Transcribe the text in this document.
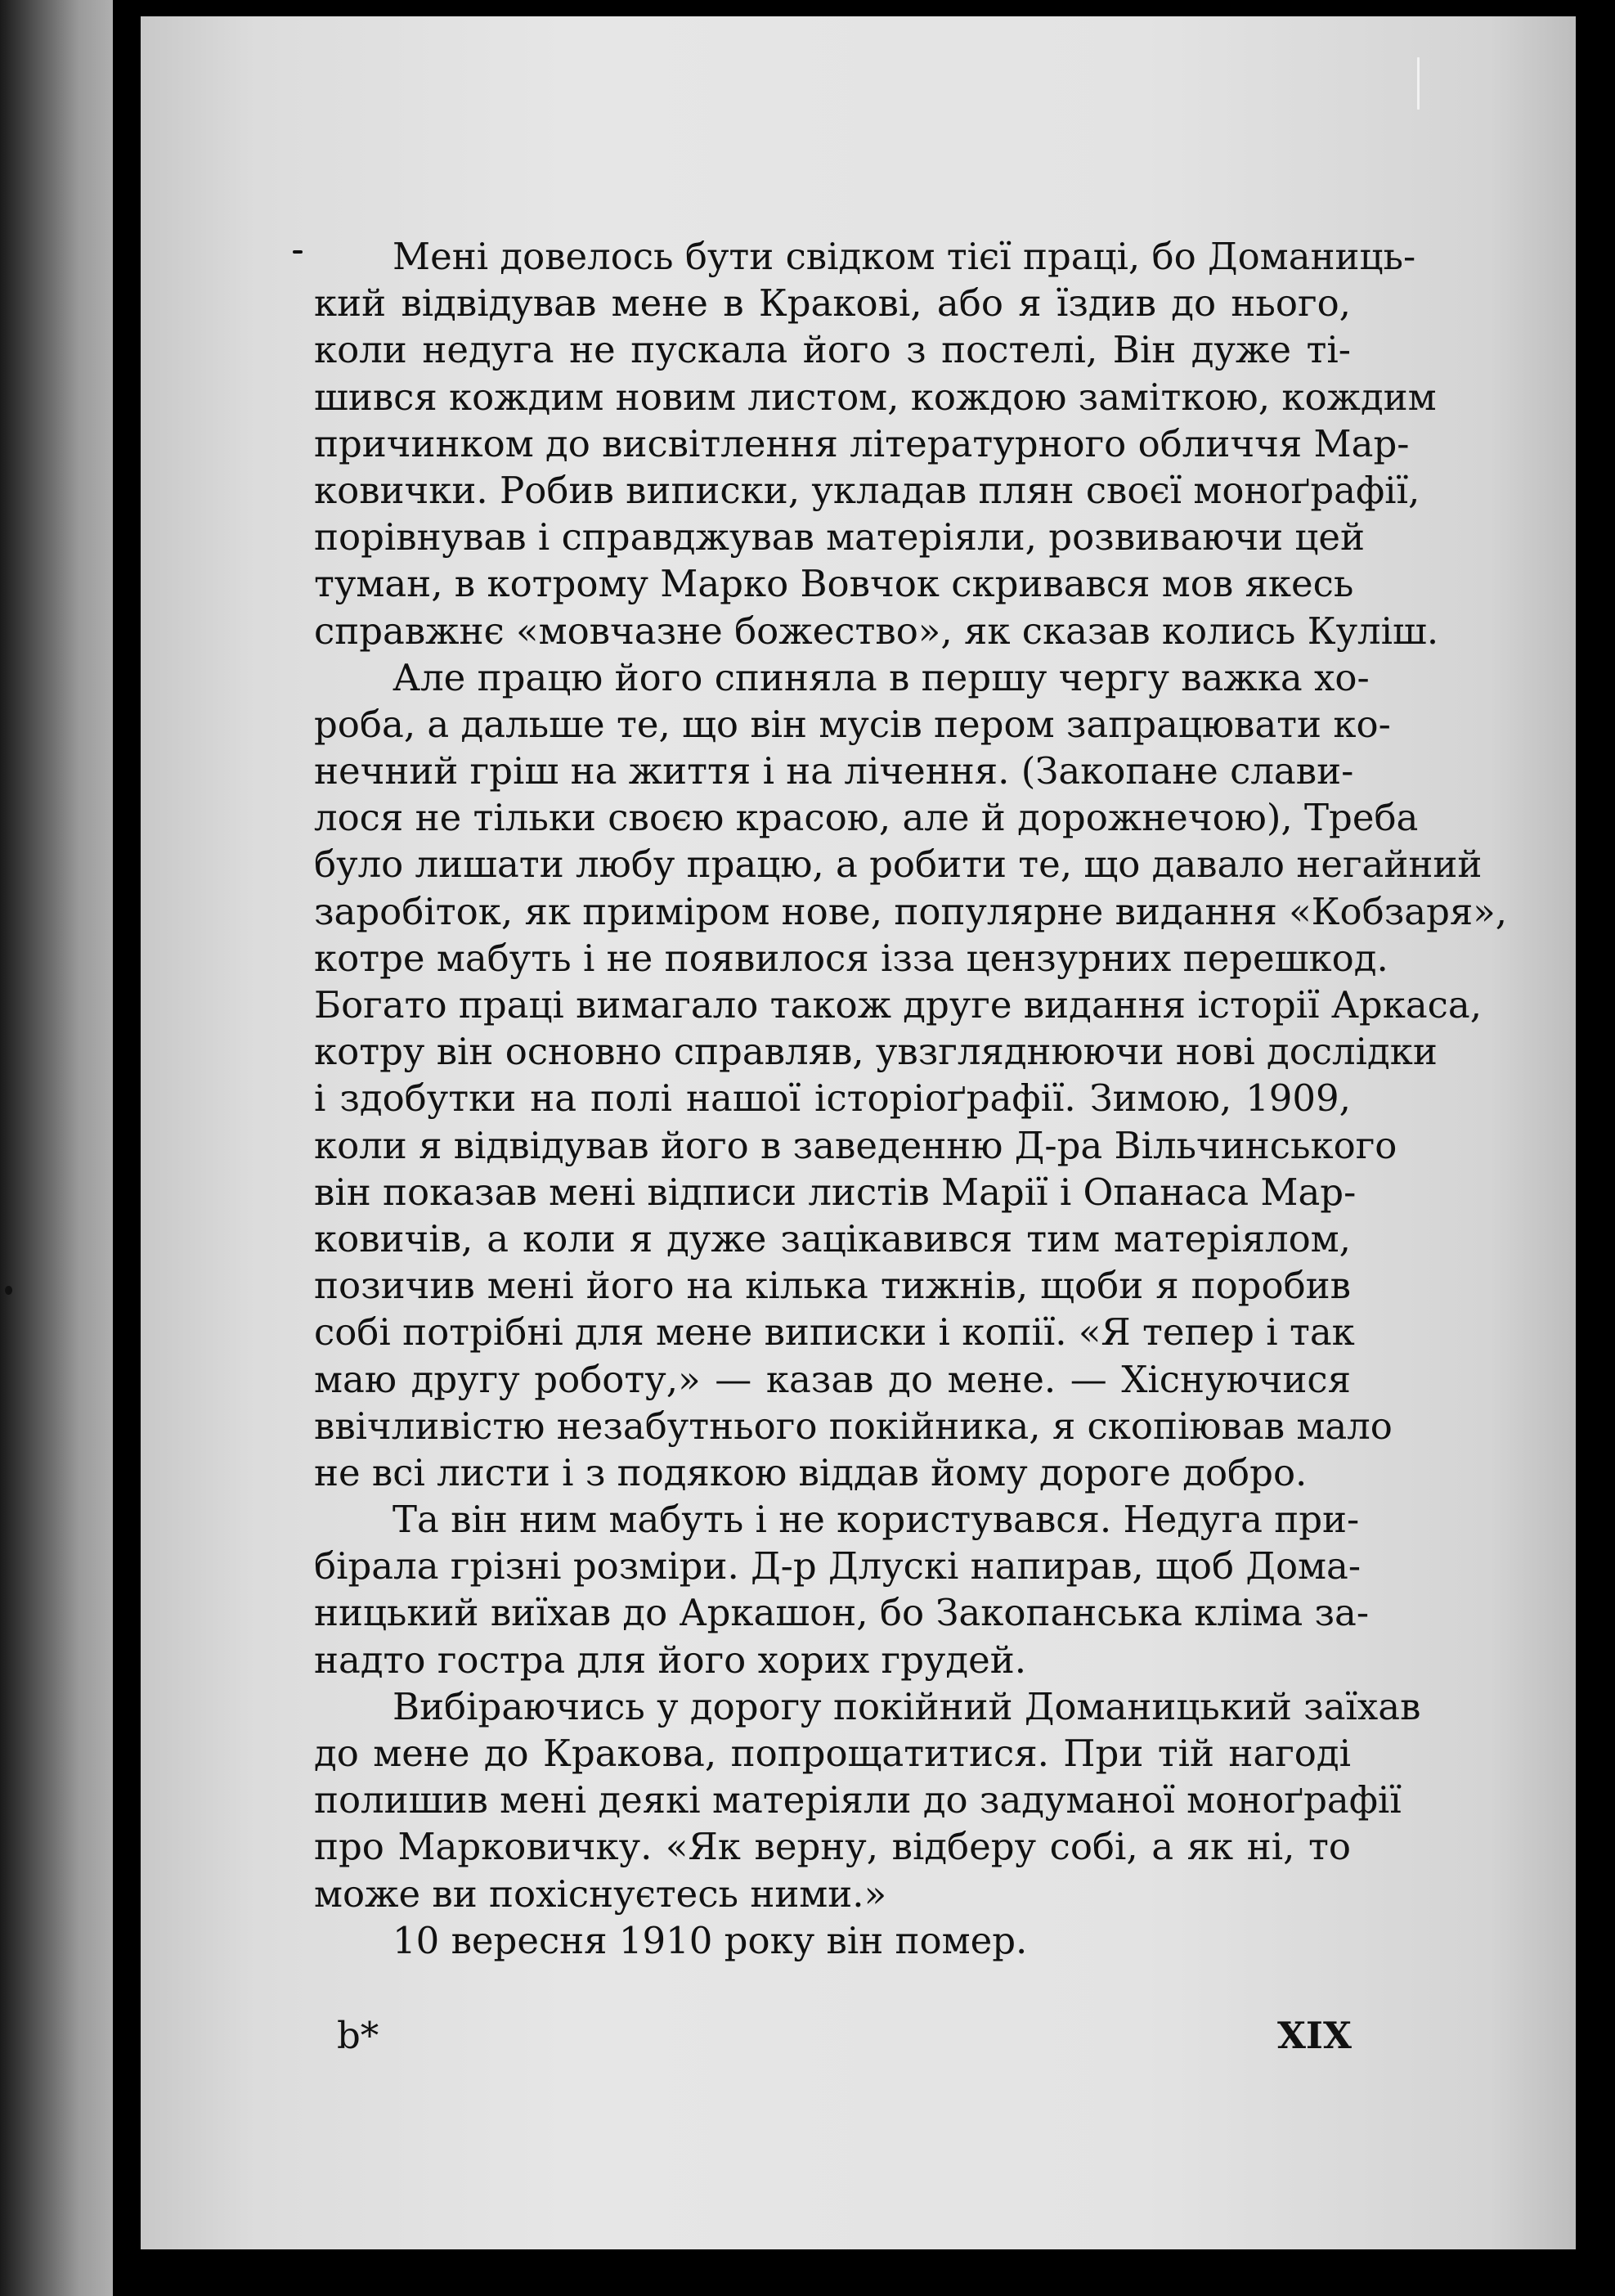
Мені довелось бути свідком тієї праці, бо Доманиць-
кий відвідував мене в Кракові, або я їздив до нього,
коли недуга не пускала його з постелі, Він дуже ті-
шився кождим новим листом, кождою заміткою, кождим
причинком до висвітлення літературного обличчя Мар-
ковички. Робив виписки, укладав плян своєї моноґрафії,
порівнував і справджував матеріяли, розвиваючи цей
туман, в котрому Марко Вовчок скривався мов якесь
справжнє «мовчазне божество», як сказав колись Куліш.
Але працю його спиняла в першу чергу важка хо-
роба, а дальше те, що він мусів пером запрацювати ко-
нечний гріш на життя і на лічення. (Закопане слави-
лося не тільки своєю красою, але й дорожнечою), Треба
було лишати любу працю, а робити те, що давало негайний
заробіток, як приміром нове, популярне видання «Кобзаря»,
котре мабуть і не появилося ізза цензурних перешкод.
Богато праці вимагало також друге видання історії Аркаса,
котру він основно справляв, увзгляднюючи нові дослідки
і здобутки на полі нашої історіоґрафії. Зимою, 1909,
коли я відвідував його в заведенню Д-ра Вільчинського
він показав мені відписи листів Марії і Опанаса Мар-
ковичів, а коли я дуже зацікавився тим матеріялом,
позичив мені його на кілька тижнів, щоби я поробив
собі потрібні для мене виписки і копії. «Я тепер і так
маю другу роботу,» — казав до мене. — Хіснуючися
ввічливістю незабутнього покійника, я скопіював мало
не всі листи і з подякою віддав йому дороге добро.
Та він ним мабуть і не користувався. Недуга при-
бірала грізні розміри. Д-р Длускі напирав, щоб Дома-
ницький виїхав до Аркашон, бо Закопанська кліма за-
надто гостра для його хорих грудей.
Вибіраючись у дорогу покійний Доманицький заїхав
до мене до Кракова, попрощатитися. При тій нагоді
полишив мені деякі матеріяли до задуманої моноґрафії
про Марковичку. «Як верну, відберу собі, а як ні, то
може ви похіснуєтесь ними.»
10 вересня 1910 року він помер.
b*	XIX
